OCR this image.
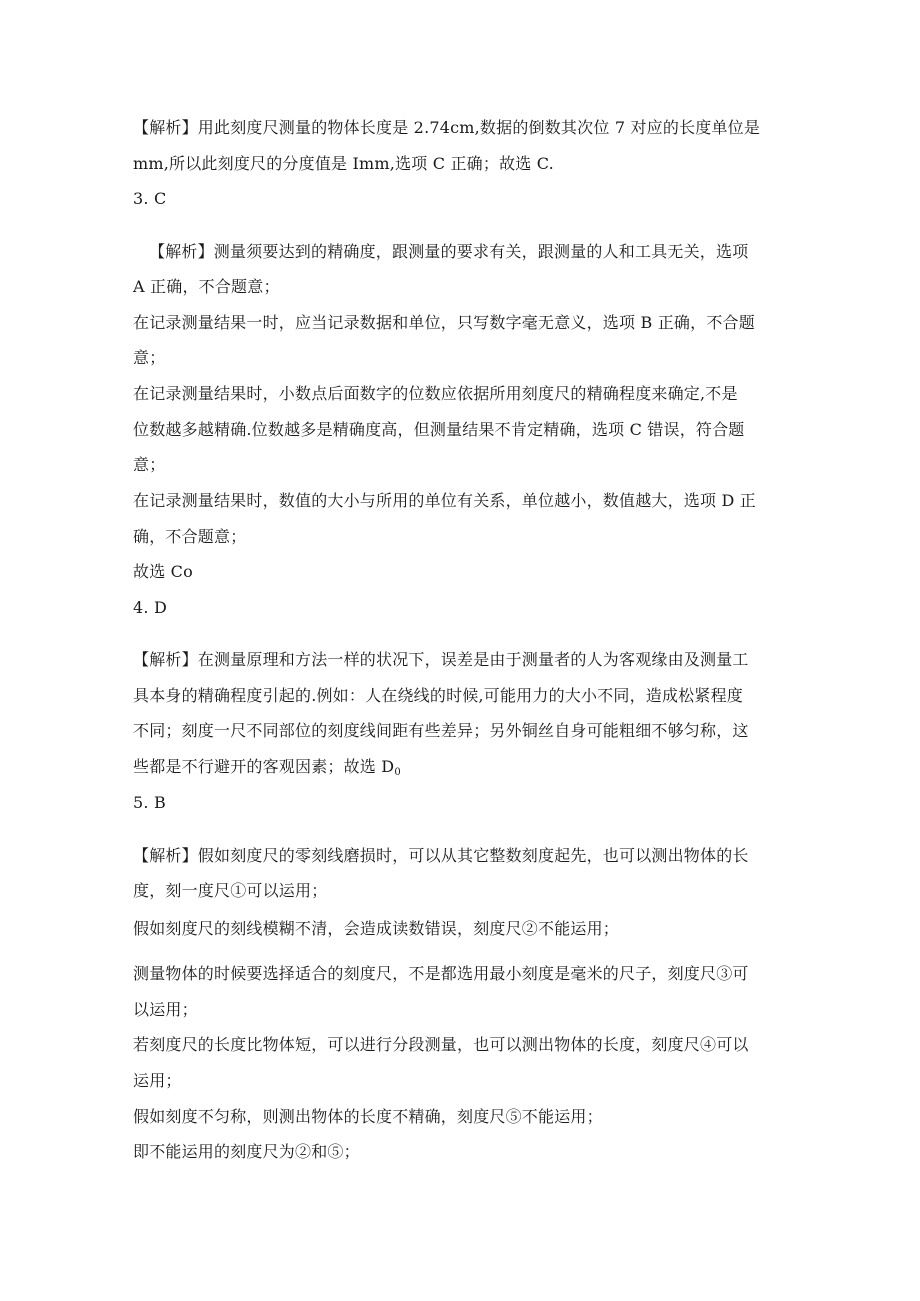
【解析】用此刻度尺测量的物体长度是 2.74cm,数据的倒数其次位 7 对应的长度单位是
mm,所以此刻度尺的分度值是 Imm,选项 C 正确；故选 C.
3. C
【解析】测量须要达到的精确度，跟测量的要求有关，跟测量的人和工具无关，选项
A 正确，不合题意；
在记录测量结果一时，应当记录数据和单位，只写数字毫无意义，选项 B 正确，不合题
意；
在记录测量结果时，小数点后面数字的位数应依据所用刻度尺的精确程度来确定,不是
位数越多越精确.位数越多是精确度高，但测量结果不肯定精确，选项 C 错误，符合题
意；
在记录测量结果时，数值的大小与所用的单位有关系，单位越小，数值越大，选项 D 正
确，不合题意；
故选 Co
4. D
【解析】在测量原理和方法一样的状况下，误差是由于测量者的人为客观缘由及测量工
具本身的精确程度引起的.例如：人在绕线的时候,可能用力的大小不同，造成松紧程度
不同；刻度一尺不同部位的刻度线间距有些差异；另外铜丝自身可能粗细不够匀称，这
些都是不行避开的客观因素；故选 $D_0$
5. B
【解析】假如刻度尺的零刻线磨损时，可以从其它整数刻度起先，也可以测出物体的长
度，刻一度尺①可以运用；
假如刻度尺的刻线模糊不清，会造成读数错误，刻度尺②不能运用；
测量物体的时候要选择适合的刻度尺，不是都选用最小刻度是毫米的尺子，刻度尺③可
以运用；
若刻度尺的长度比物体短，可以进行分段测量，也可以测出物体的长度，刻度尺④可以
运用；
假如刻度不匀称，则测出物体的长度不精确，刻度尺⑤不能运用；
即不能运用的刻度尺为②和⑤；
